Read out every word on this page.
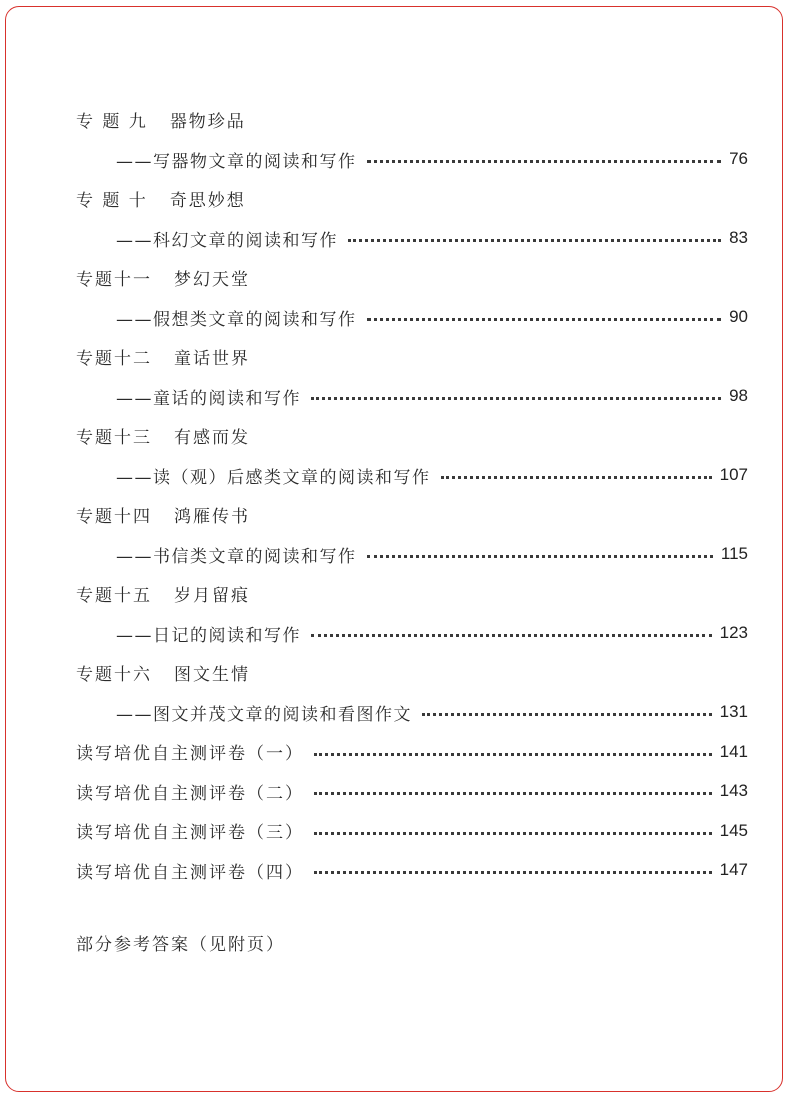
专 题 九 器物珍品
——写器物文章的阅读和写作	76
专 题 十 奇思妙想
——科幻文章的阅读和写作	83
专题十一 梦幻天堂
——假想类文章的阅读和写作	90
专题十二 童话世界
——童话的阅读和写作	98
专题十三 有感而发
——读（观）后感类文章的阅读和写作	107
专题十四 鸿雁传书
——书信类文章的阅读和写作	115
专题十五 岁月留痕
——日记的阅读和写作	123
专题十六 图文生情
——图文并茂文章的阅读和看图作文	131
读写培优自主测评卷（一）	141
读写培优自主测评卷（二）	143
读写培优自主测评卷（三）	145
读写培优自主测评卷（四）	147
部分参考答案（见附页）
